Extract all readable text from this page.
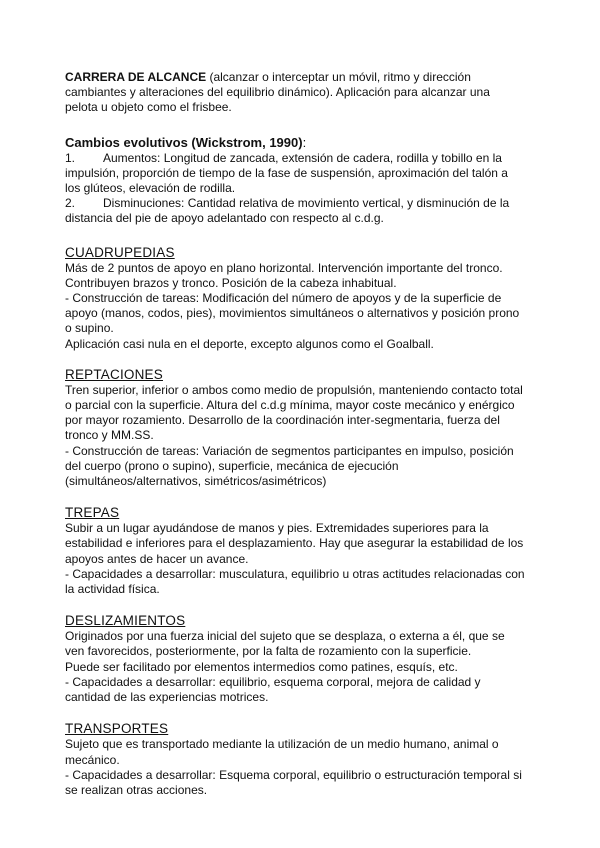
CARRERA DE ALCANCE (alcanzar o interceptar un móvil, ritmo y dirección cambiantes y alteraciones del equilibrio dinámico). Aplicación para alcanzar una pelota u objeto como el frisbee.

Cambios evolutivos (Wickstrom, 1990):

1. Aumentos: Longitud de zancada, extensión de cadera, rodilla y tobillo en la impulsión, proporción de tiempo de la fase de suspensión, aproximación del talón a los glúteos, elevación de rodilla.

2. Disminuciones: Cantidad relativa de movimiento vertical, y disminución de la distancia del pie de apoyo adelantado con respecto al c.d.g.

CUADRUPEDIAS

Más de 2 puntos de apoyo en plano horizontal. Intervención importante del tronco. Contribuyen brazos y tronco. Posición de la cabeza inhabitual.

- Construcción de tareas: Modificación del número de apoyos y de la superficie de apoyo (manos, codos, pies), movimientos simultáneos o alternativos y posición prono o supino.

Aplicación casi nula en el deporte, excepto algunos como el Goalball.

REPTACIONES

Tren superior, inferior o ambos como medio de propulsión, manteniendo contacto total o parcial con la superficie. Altura del c.d.g mínima, mayor coste mecánico y enérgico por mayor rozamiento. Desarrollo de la coordinación inter-segmentaria, fuerza del tronco y MM.SS.

- Construcción de tareas: Variación de segmentos participantes en impulso, posición del cuerpo (prono o supino), superficie, mecánica de ejecución (simultáneos/alternativos, simétricos/asimétricos)

TREPAS

Subir a un lugar ayudándose de manos y pies. Extremidades superiores para la estabilidad e inferiores para el desplazamiento. Hay que asegurar la estabilidad de los apoyos antes de hacer un avance.

- Capacidades a desarrollar: musculatura, equilibrio u otras actitudes relacionadas con la actividad física.

DESLIZAMIENTOS

Originados por una fuerza inicial del sujeto que se desplaza, o externa a él, que se ven favorecidos, posteriormente, por la falta de rozamiento con la superficie.

Puede ser facilitado por elementos intermedios como patines, esquís, etc.

- Capacidades a desarrollar: equilibrio, esquema corporal, mejora de calidad y cantidad de las experiencias motrices.

TRANSPORTES

Sujeto que es transportado mediante la utilización de un medio humano, animal o mecánico.

- Capacidades a desarrollar: Esquema corporal, equilibrio o estructuración temporal si se realizan otras acciones.
